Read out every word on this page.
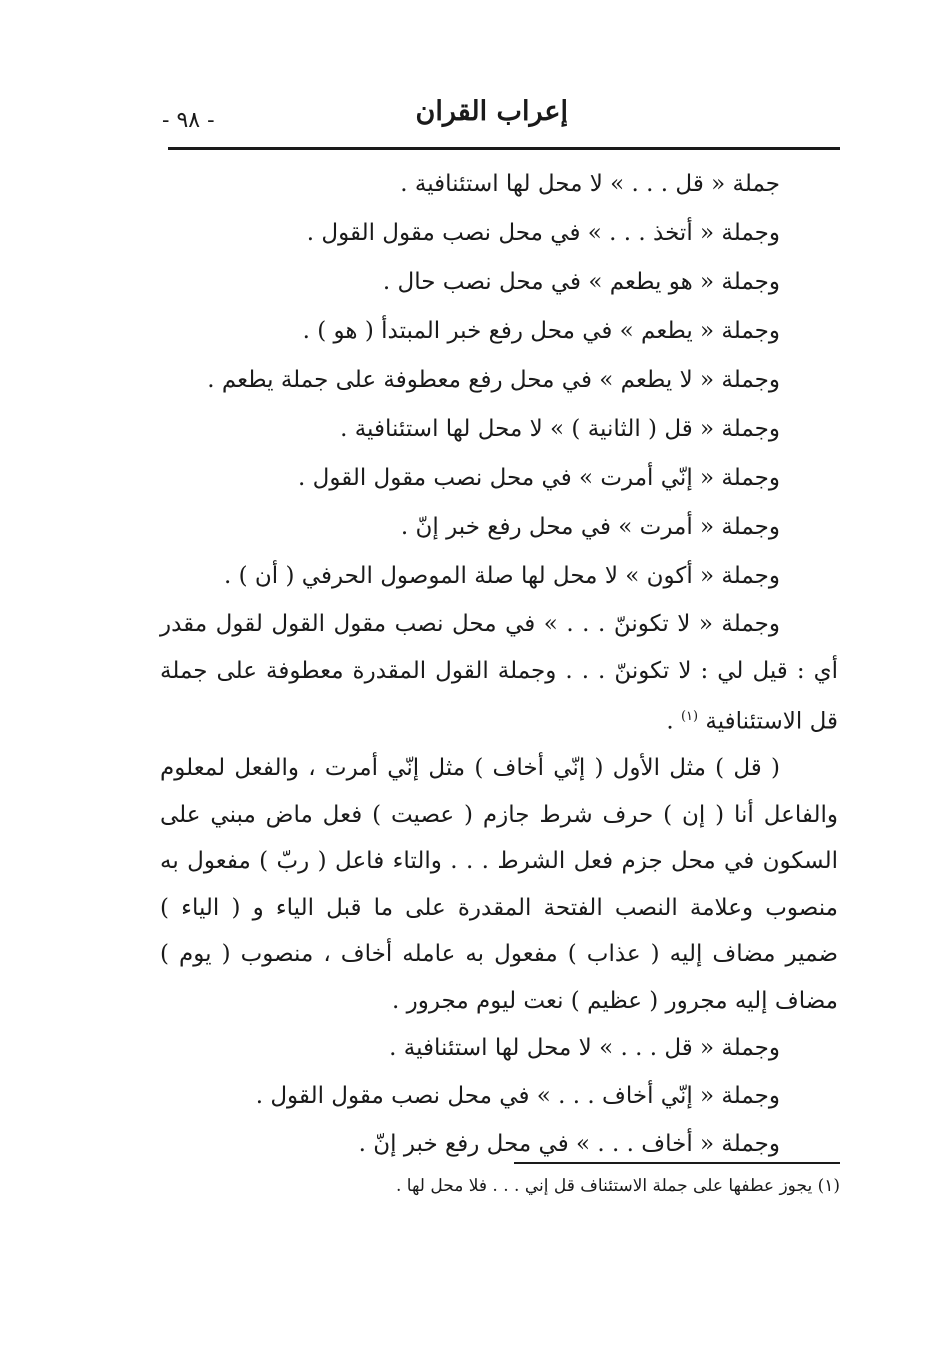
إعراب القران
- ٩٨ -

جملة « قل . . . » لا محل لها استئنافية .

وجملة « أتخذ . . . » في محل نصب مقول القول .

وجملة « هو يطعم » في محل نصب حال .

وجملة « يطعم » في محل رفع خبر المبتدأ ( هو ) .

وجملة « لا يطعم » في محل رفع معطوفة على جملة يطعم .

وجملة « قل ( الثانية ) » لا محل لها استئنافية .

وجملة « إنّي أمرت » في محل نصب مقول القول .

وجملة « أمرت » في محل رفع خبر إنّ .

وجملة « أكون » لا محل لها صلة الموصول الحرفي ( أن ) .

وجملة « لا تكوننّ . . . » في محل نصب مقول القول لقول مقدر أي : قيل لي : لا تكوننّ . . . وجملة القول المقدرة معطوفة على جملة قل الاستئنافية $^{(١)}$ .

( قل ) مثل الأول ( إنّي أخاف ) مثل إنّي أمرت ، والفعل لمعلوم والفاعل أنا ( إن ) حرف شرط جازم ( عصيت ) فعل ماض مبني على السكون في محل جزم فعل الشرط . . . والتاء فاعل ( ربّ ) مفعول به منصوب وعلامة النصب الفتحة المقدرة على ما قبل الياء و ( الياء ) ضمير مضاف إليه ( عذاب ) مفعول به عامله أخاف ، منصوب ( يوم ) مضاف إليه مجرور ( عظيم ) نعت ليوم مجرور .

وجملة « قل . . . » لا محل لها استئنافية .

وجملة « إنّي أخاف . . . » في محل نصب مقول القول .

وجملة « أخاف . . . » في محل رفع خبر إنّ .

(١) يجوز عطفها على جملة الاستئناف قل إني . . . فلا محل لها .
